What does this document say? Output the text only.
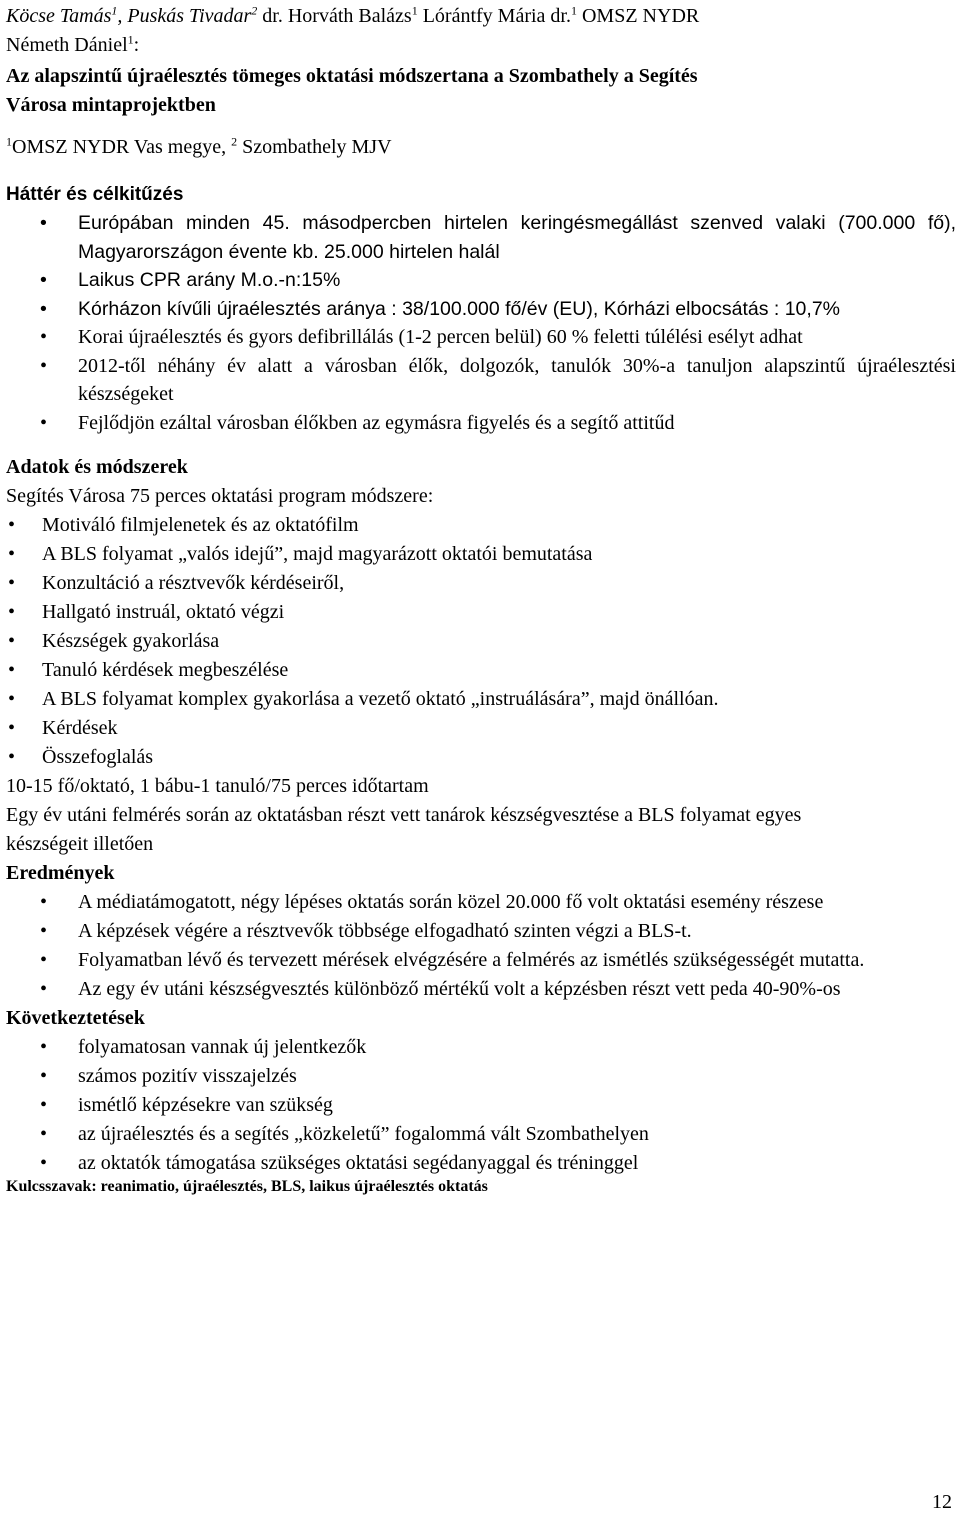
Köcse Tamás$^1$, Puskás Tivadar$^2$ dr. Horváth Balázs$^1$ Lórántfy Mária dr.$^1$ OMSZ NYDR
Németh Dániel$^1$:
Az alapszintű újraélesztés tömeges oktatási módszertana a Szombathely a Segítés
Városa mintaprojektben
$^1$OMSZ NYDR Vas megye, $^2$ Szombathely MJV
Háttér és célkitűzés
• Európában minden 45. másodpercben hirtelen keringésmegállást szenved valaki (700.000 fő), Magyarországon évente kb. 25.000 hirtelen halál
• Laikus CPR arány M.o.-n:15%
• Kórházon kívűli újraélesztés aránya : 38/100.000 fő/év (EU), Kórházi elbocsátás : 10,7%
• Korai újraélesztés és gyors defibrillálás (1-2 percen belül) 60 % feletti túlélési esélyt adhat
• 2012-től néhány év alatt a városban élők, dolgozók, tanulók 30%-a tanuljon alapszintű újraélesztési készségeket
• Fejlődjön ezáltal városban élőkben az egymásra figyelés és a segítő attitűd
Adatok és módszerek
Segítés Városa 75 perces oktatási program módszere:
• Motiváló filmjelenetek és az oktatófilm
• A BLS folyamat „valós idejű”, majd magyarázott oktatói bemutatása
• Konzultáció a résztvevők kérdéseiről,
• Hallgató instruál, oktató végzi
• Készségek gyakorlása
• Tanuló kérdések megbeszélése
• A BLS folyamat komplex gyakorlása a vezető oktató „instruálására”, majd önállóan.
• Kérdések
• Összefoglalás
10-15 fő/oktató, 1 bábu-1 tanuló/75 perces időtartam
Egy év utáni felmérés során az oktatásban részt vett tanárok készségvesztése a BLS folyamat egyes készségeit illetően
Eredmények
• A médiatámogatott, négy lépéses oktatás során közel 20.000 fő volt oktatási esemény részese
• A képzések végére a résztvevők többsége elfogadható szinten végzi a BLS-t.
• Folyamatban lévő és tervezett mérések elvégzésére a felmérés az ismétlés szükségességét mutatta.
• Az egy év utáni készségvesztés különböző mértékű volt a képzésben részt vett peda 40-90%-os
Következtetések
• folyamatosan vannak új jelentkezők
• számos pozitív visszajelzés
• ismétlő képzésekre van szükség
• az újraélesztés és a segítés „közkeletű” fogalommá vált Szombathelyen
• az oktatók támogatása szükséges oktatási segédanyaggal és tréninggel
Kulcsszavak: reanimatio, újraélesztés, BLS, laikus újraélesztés oktatás
12
